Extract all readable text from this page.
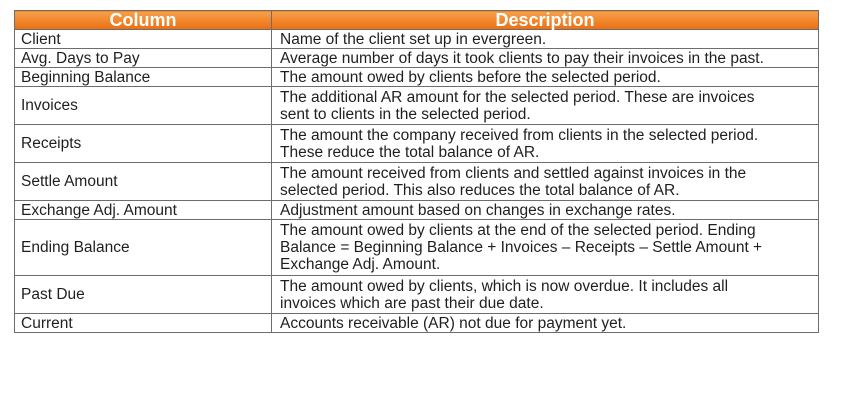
Column	Description
Client	Name of the client set up in evergreen.

Avg. Days to Pay	Average number of days it took clients to pay their invoices in the past.

Beginning Balance	The amount owed by clients before the selected period.

Invoices	The additional AR amount for the selected period. These are invoices
sent to clients in the selected period.

Receipts	The amount the company received from clients in the selected period.
These reduce the total balance of AR.

Settle Amount	The amount received from clients and settled against invoices in the
selected period. This also reduces the total balance of AR.

Exchange Adj. Amount	Adjustment amount based on changes in exchange rates.

Ending Balance	The amount owed by clients at the end of the selected period. Ending
Balance = Beginning Balance + Invoices – Receipts – Settle Amount +
Exchange Adj. Amount.

Past Due	The amount owed by clients, which is now overdue. It includes all
invoices which are past their due date.

Current	Accounts receivable (AR) not due for payment yet.
